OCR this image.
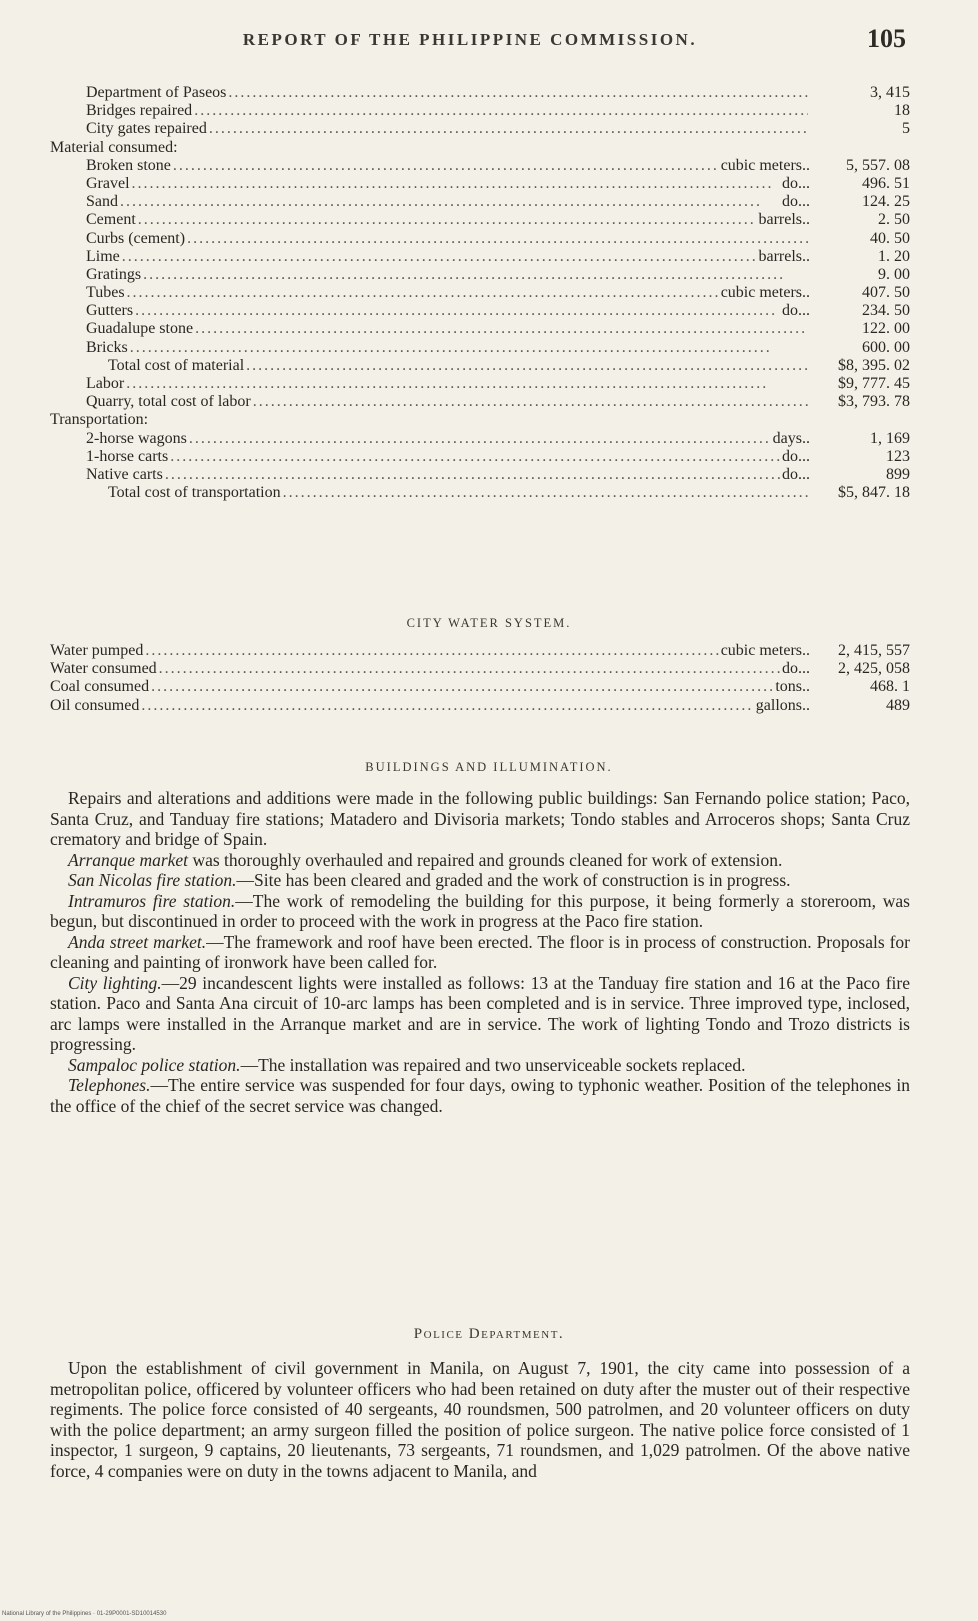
REPORT OF THE PHILIPPINE COMMISSION.	105
Department of Paseos . . .	3, 415
Bridges repaired . . .	18
City gates repaired . . .	5
Material consumed:
Broken stone . . .	cubic meters..	5, 557. 08
Gravel . . .	do...	496. 51
Sand . . .	do...	124. 25
Cement . . .	barrels..	2. 50
Curbs (cement) . . .	40. 50
Lime . . .	barrels..	1. 20
Gratings . . .	9. 00
Tubes . . .	cubic meters..	407. 50
Gutters . . .	do...	234. 50
Guadalupe stone . . .	122. 00
Bricks . . .	600. 00
Total cost of material . . .	$8, 395. 02
Labor . . .	$9, 777. 45
Quarry, total cost of labor . . .	$3, 793. 78
Transportation:
2-horse wagons . . .	days..	1, 169
1-horse carts . . .	do...	123
Native carts . . .	do...	899
Total cost of transportation . . .	$5, 847. 18
CITY WATER SYSTEM.
Water pumped . . .	cubic meters..	2, 415, 557
Water consumed . . .	do...	2, 425, 058
Coal consumed . . .	tons..	468. 1
Oil consumed . . .	gallons..	489
BUILDINGS AND ILLUMINATION.

Repairs and alterations and additions were made in the following public buildings: San Fernando police station; Paco, Santa Cruz, and Tanduay fire stations; Matadero and Divisoria markets; Tondo stables and Arroceros shops; Santa Cruz crematory and bridge of Spain.

Arranque market was thoroughly overhauled and repaired and grounds cleaned for work of extension.

San Nicolas fire station.—Site has been cleared and graded and the work of construction is in progress.

Intramuros fire station.—The work of remodeling the building for this purpose, it being formerly a storeroom, was begun, but discontinued in order to proceed with the work in progress at the Paco fire station.

Anda street market.—The framework and roof have been erected. The floor is in process of construction. Proposals for cleaning and painting of ironwork have been called for.

City lighting.—29 incandescent lights were installed as follows: 13 at the Tanduay fire station and 16 at the Paco fire station. Paco and Santa Ana circuit of 10-arc lamps has been completed and is in service. Three improved type, inclosed, arc lamps were installed in the Arranque market and are in service. The work of lighting Tondo and Trozo districts is progressing.

Sampaloc police station.—The installation was repaired and two unserviceable sockets replaced.

Telephones.—The entire service was suspended for four days, owing to typhonic weather. Position of the telephones in the office of the chief of the secret service was changed.

Police Department.

Upon the establishment of civil government in Manila, on August 7, 1901, the city came into possession of a metropolitan police, officered by volunteer officers who had been retained on duty after the muster out of their respective regiments. The police force consisted of 40 sergeants, 40 roundsmen, 500 patrolmen, and 20 volunteer officers on duty with the police department; an army surgeon filled the position of police surgeon. The native police force consisted of 1 inspector, 1 surgeon, 9 captains, 20 lieutenants, 73 sergeants, 71 roundsmen, and 1,029 patrolmen. Of the above native force, 4 companies were on duty in the towns adjacent to Manila, and

National Library of the Philippines · 01-29P0001-SD10014530
